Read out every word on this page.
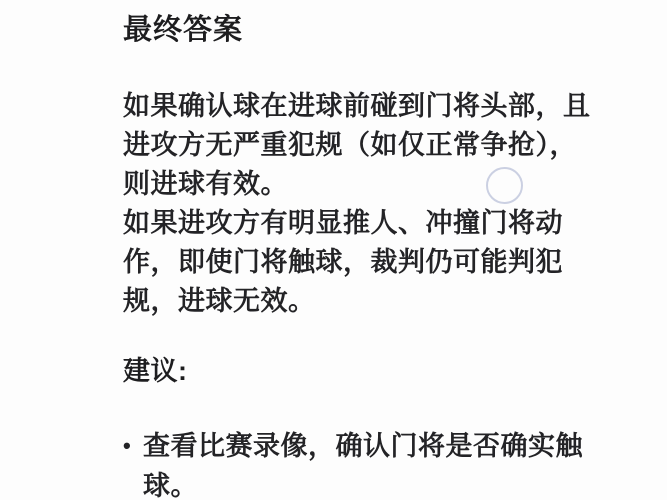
最终答案
如果确认球在进球前碰到门将头部，且
进攻方无严重犯规（如仅正常争抢），
则进球有效。
如果进攻方有明显推人、冲撞门将动
作，即使门将触球，裁判仍可能判犯
规，进球无效。
建议:
• 查看比赛录像，确认门将是否确实触
球。
